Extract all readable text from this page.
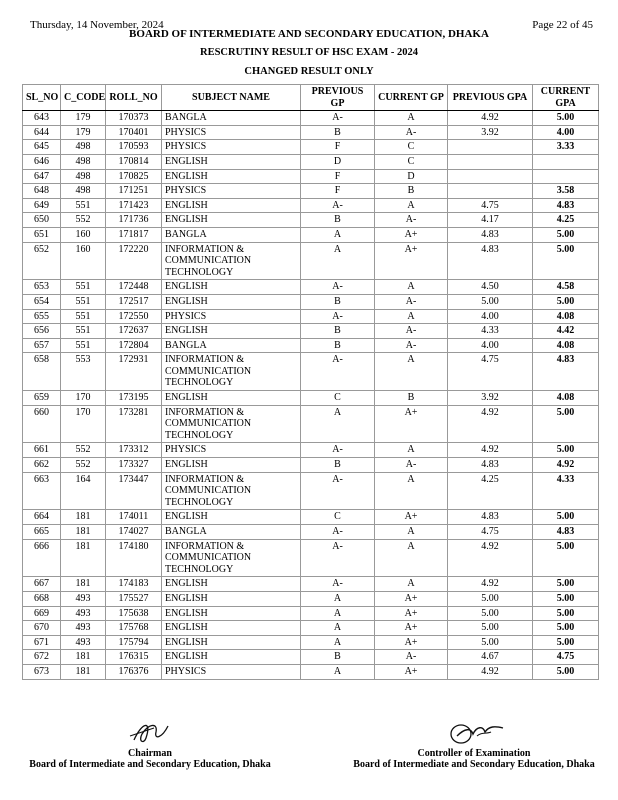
Thursday, 14 November, 2024	Page 22 of 45
BOARD OF INTERMEDIATE AND SECONDARY EDUCATION, DHAKA
RESCRUTINY RESULT OF HSC EXAM - 2024
CHANGED RESULT ONLY
SL_NO	C_CODE	ROLL_NO	SUBJECT NAME	PREVIOUS GP	CURRENT GP	PREVIOUS GPA	CURRENT GPA
643	179	170373	BANGLA	A-	A	4.92	5.00
644	179	170401	PHYSICS	B	A-	3.92	4.00
645	498	170593	PHYSICS	F	C		3.33
646	498	170814	ENGLISH	D	C		
647	498	170825	ENGLISH	F	D		
648	498	171251	PHYSICS	F	B		3.58
649	551	171423	ENGLISH	A-	A	4.75	4.83
650	552	171736	ENGLISH	B	A-	4.17	4.25
651	160	171817	BANGLA	A	A+	4.83	5.00
652	160	172220	INFORMATION & COMMUNICATION TECHNOLOGY	A	A+	4.83	5.00
653	551	172448	ENGLISH	A-	A	4.50	4.58
654	551	172517	ENGLISH	B	A-	5.00	5.00
655	551	172550	PHYSICS	A-	A	4.00	4.08
656	551	172637	ENGLISH	B	A-	4.33	4.42
657	551	172804	BANGLA	B	A-	4.00	4.08
658	553	172931	INFORMATION & COMMUNICATION TECHNOLOGY	A-	A	4.75	4.83
659	170	173195	ENGLISH	C	B	3.92	4.08
660	170	173281	INFORMATION & COMMUNICATION TECHNOLOGY	A	A+	4.92	5.00
661	552	173312	PHYSICS	A-	A	4.92	5.00
662	552	173327	ENGLISH	B	A-	4.83	4.92
663	164	173447	INFORMATION & COMMUNICATION TECHNOLOGY	A-	A	4.25	4.33
664	181	174011	ENGLISH	C	A+	4.83	5.00
665	181	174027	BANGLA	A-	A	4.75	4.83
666	181	174180	INFORMATION & COMMUNICATION TECHNOLOGY	A-	A	4.92	5.00
667	181	174183	ENGLISH	A-	A	4.92	5.00
668	493	175527	ENGLISH	A	A+	5.00	5.00
669	493	175638	ENGLISH	A	A+	5.00	5.00
670	493	175768	ENGLISH	A	A+	5.00	5.00
671	493	175794	ENGLISH	A	A+	5.00	5.00
672	181	176315	ENGLISH	B	A-	4.67	4.75
673	181	176376	PHYSICS	A	A+	4.92	5.00
Chairman
Board of Intermediate and Secondary Education, Dhaka
Controller of Examination
Board of Intermediate and Secondary Education, Dhaka
